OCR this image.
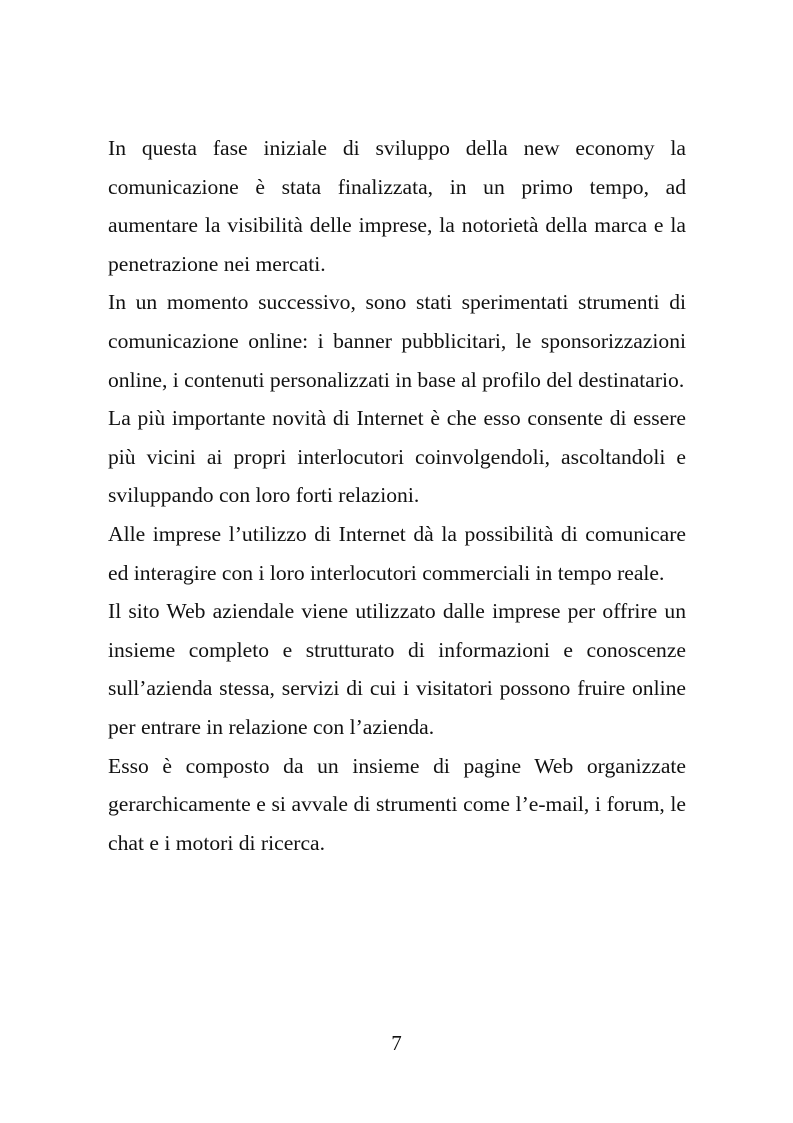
In questa fase iniziale di sviluppo della new economy la comunicazione è stata finalizzata, in un primo tempo, ad aumentare la visibilità delle imprese, la notorietà della marca e la penetrazione nei mercati.

In un momento successivo, sono stati sperimentati strumenti di comunicazione online: i banner pubblicitari, le sponsorizzazioni online, i contenuti personalizzati in base al profilo del destinatario.

La più importante novità di Internet è che esso consente di essere più vicini ai propri interlocutori coinvolgendoli, ascoltandoli e sviluppando con loro forti relazioni.

Alle imprese l’utilizzo di Internet dà la possibilità di comunicare ed interagire con i loro interlocutori commerciali in tempo reale.

Il sito Web aziendale viene utilizzato dalle imprese per offrire un insieme completo e strutturato di informazioni e conoscenze sull’azienda stessa, servizi di cui i visitatori possono fruire online per entrare in relazione con l’azienda.

Esso è composto da un insieme di pagine Web organizzate gerarchicamente e si avvale di strumenti come l’e-mail, i forum, le chat e i motori di ricerca.

7
